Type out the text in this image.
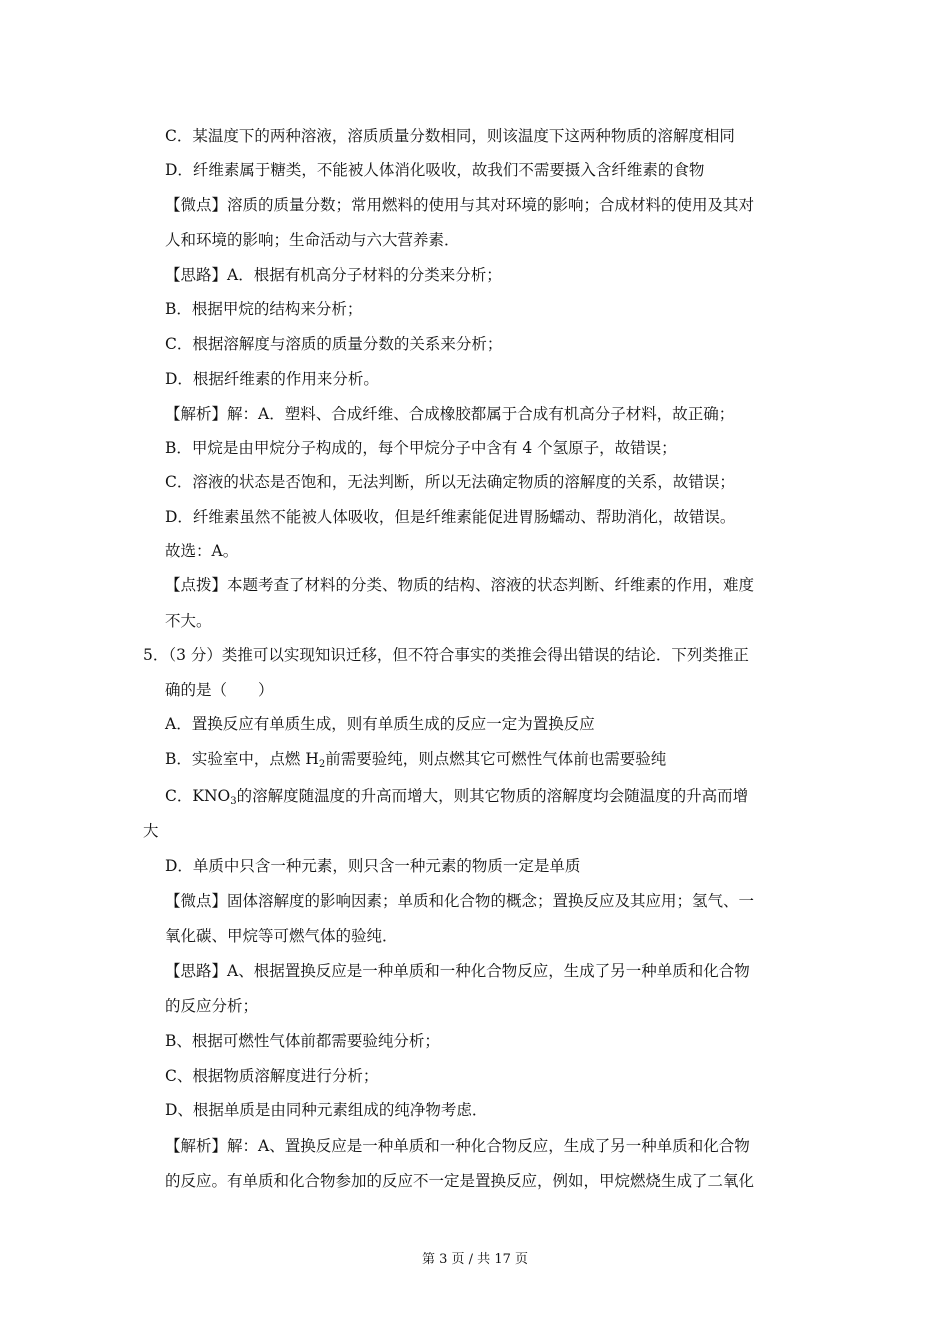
C．某温度下的两种溶液，溶质质量分数相同，则该温度下这两种物质的溶解度相同
D．纤维素属于糖类，不能被人体消化吸收，故我们不需要摄入含纤维素的食物
【微点】溶质的质量分数；常用燃料的使用与其对环境的影响；合成材料的使用及其对
人和环境的影响；生命活动与六大营养素．
【思路】A．根据有机高分子材料的分类来分析；
B．根据甲烷的结构来分析；
C．根据溶解度与溶质的质量分数的关系来分析；
D．根据纤维素的作用来分析。
【解析】解：A．塑料、合成纤维、合成橡胶都属于合成有机高分子材料，故正确；
B．甲烷是由甲烷分子构成的，每个甲烷分子中含有 4 个氢原子，故错误；
C．溶液的状态是否饱和，无法判断，所以无法确定物质的溶解度的关系，故错误；
D．纤维素虽然不能被人体吸收，但是纤维素能促进胃肠蠕动、帮助消化，故错误。
故选：A。
【点拨】本题考查了材料的分类、物质的结构、溶液的状态判断、纤维素的作用，难度
不大。
5．（3 分）类推可以实现知识迁移，但不符合事实的类推会得出错误的结论．下列类推正
确的是（　　）
A．置换反应有单质生成，则有单质生成的反应一定为置换反应
B．实验室中，点燃 $H_2$前需要验纯，则点燃其它可燃性气体前也需要验纯
C．$KNO_3$的溶解度随温度的升高而增大，则其它物质的溶解度均会随温度的升高而增
大
D．单质中只含一种元素，则只含一种元素的物质一定是单质
【微点】固体溶解度的影响因素；单质和化合物的概念；置换反应及其应用；氢气、一
氧化碳、甲烷等可燃气体的验纯．
【思路】A、根据置换反应是一种单质和一种化合物反应，生成了另一种单质和化合物
的反应分析；
B、根据可燃性气体前都需要验纯分析；
C、根据物质溶解度进行分析；
D、根据单质是由同种元素组成的纯净物考虑．
【解析】解：A、置换反应是一种单质和一种化合物反应，生成了另一种单质和化合物
的反应。有单质和化合物参加的反应不一定是置换反应，例如，甲烷燃烧生成了二氧化
第 3 页 / 共 17 页
